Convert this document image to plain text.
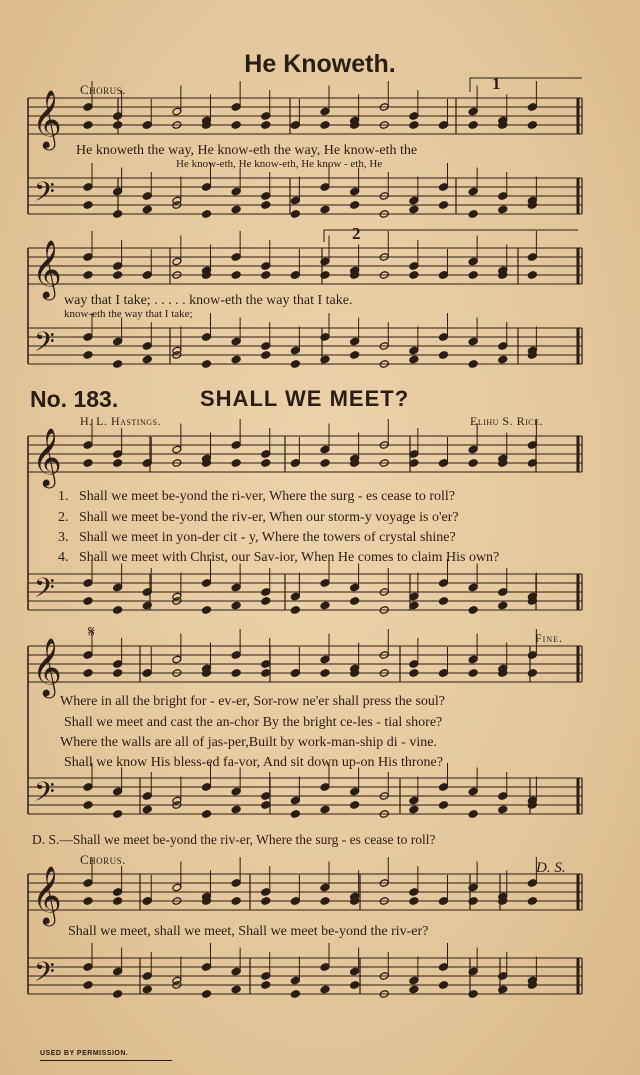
He Knoweth.
Chorus.
𝄞
𝄢
𝄞
𝄢
𝄞
𝄢
𝄞
𝄢
𝄞
𝄢
1
2
He knoweth the way, He know-eth the way, He know-eth the
He know-eth, He know-eth, He know - eth, He
way that I take; . . . . . know-eth the way that I take.
know-eth the way that I take;
No. 183.	SHALL WE MEET?
H. L. Hastings.	Elihu S. Rice.
1. Shall we meet be-yond the ri-ver, Where the surg - es cease to roll?
2. Shall we meet be-yond the riv-er, When our storm-y voyage is o'er?
3. Shall we meet in yon-der cit - y, Where the towers of crystal shine?
4. Shall we meet with Christ, our Sav-ior, When He comes to claim His own?
𝄋	Fine.
Where in all the bright for - ev-er, Sor-row ne'er shall press the soul?
Shall we meet and cast the an-chor By the bright ce-les - tial shore?
Where the walls are all of jas-per,Built by work-man-ship di - vine.
Shall we know His bless-ed fa-vor, And sit down up-on His throne?
D. S.—Shall we meet be-yond the riv-er, Where the surg - es cease to roll?
Chorus.
D. S.
Shall we meet, shall we meet, Shall we meet be-yond the riv-er?
USED BY PERMISSION.
